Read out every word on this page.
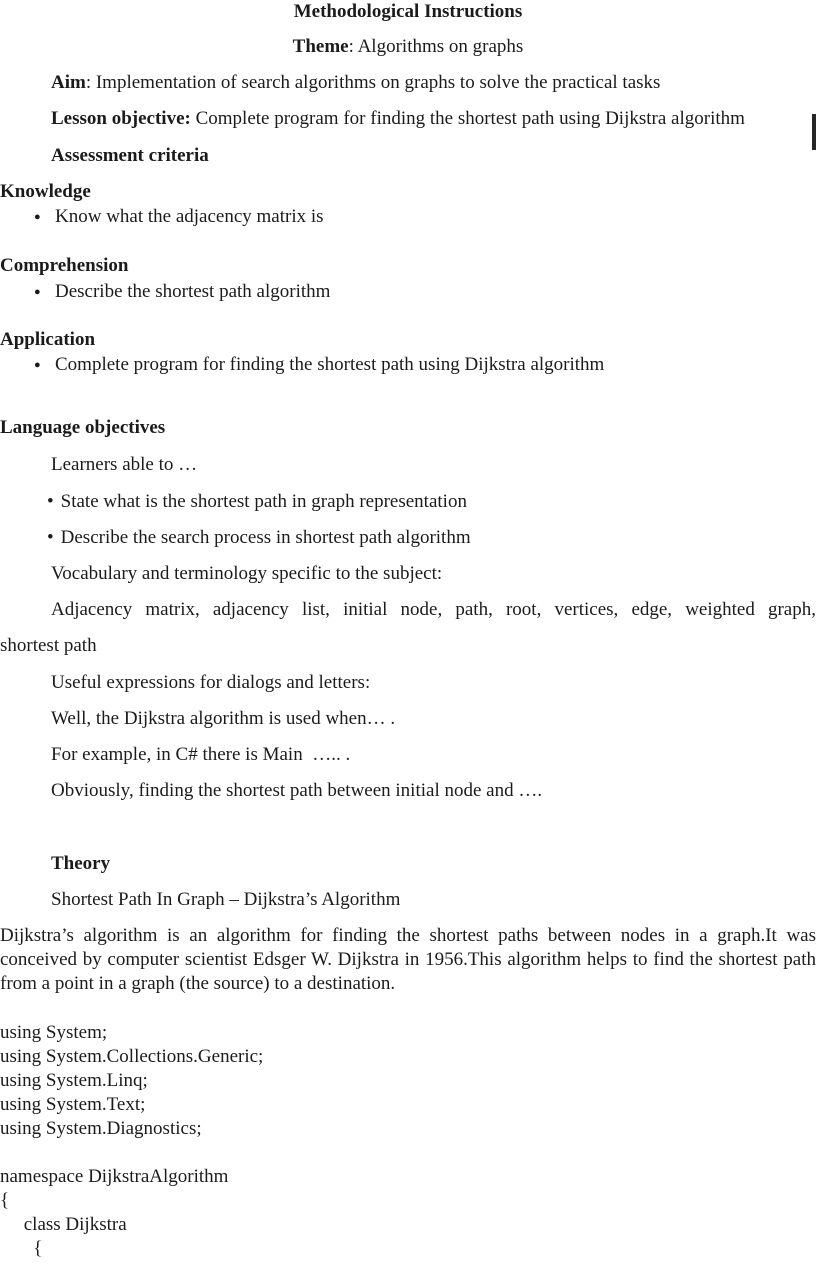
Methodological Instructions
Theme: Algorithms on graphs
Aim: Implementation of search algorithms on graphs to solve the practical tasks
Lesson objective: Complete program for finding the shortest path using Dijkstra algorithm
Assessment criteria
Knowledge
● Know what the adjacency matrix is
Comprehension
● Describe the shortest path algorithm
Application
● Complete program for finding the shortest path using Dijkstra algorithm
Language objectives
Learners able to …
• State what is the shortest path in graph representation
• Describe the search process in shortest path algorithm
Vocabulary and terminology specific to the subject:
Adjacency matrix, adjacency list, initial node, path, root, vertices, edge, weighted graph,
shortest path
Useful expressions for dialogs and letters:
Well, the Dijkstra algorithm is used when… .
For example, in C# there is Main  ….. .
Obviously, finding the shortest path between initial node and ….
Theory
Shortest Path In Graph – Dijkstra’s Algorithm
Dijkstra’s algorithm is an algorithm for finding the shortest paths between nodes in a graph.It was conceived by computer scientist Edsger W. Dijkstra in 1956.This algorithm helps to find the shortest path from a point in a graph (the source) to a destination.
using System;
using System.Collections.Generic;
using System.Linq;
using System.Text;
using System.Diagnostics;
namespace DijkstraAlgorithm
{
class Dijkstra
{
